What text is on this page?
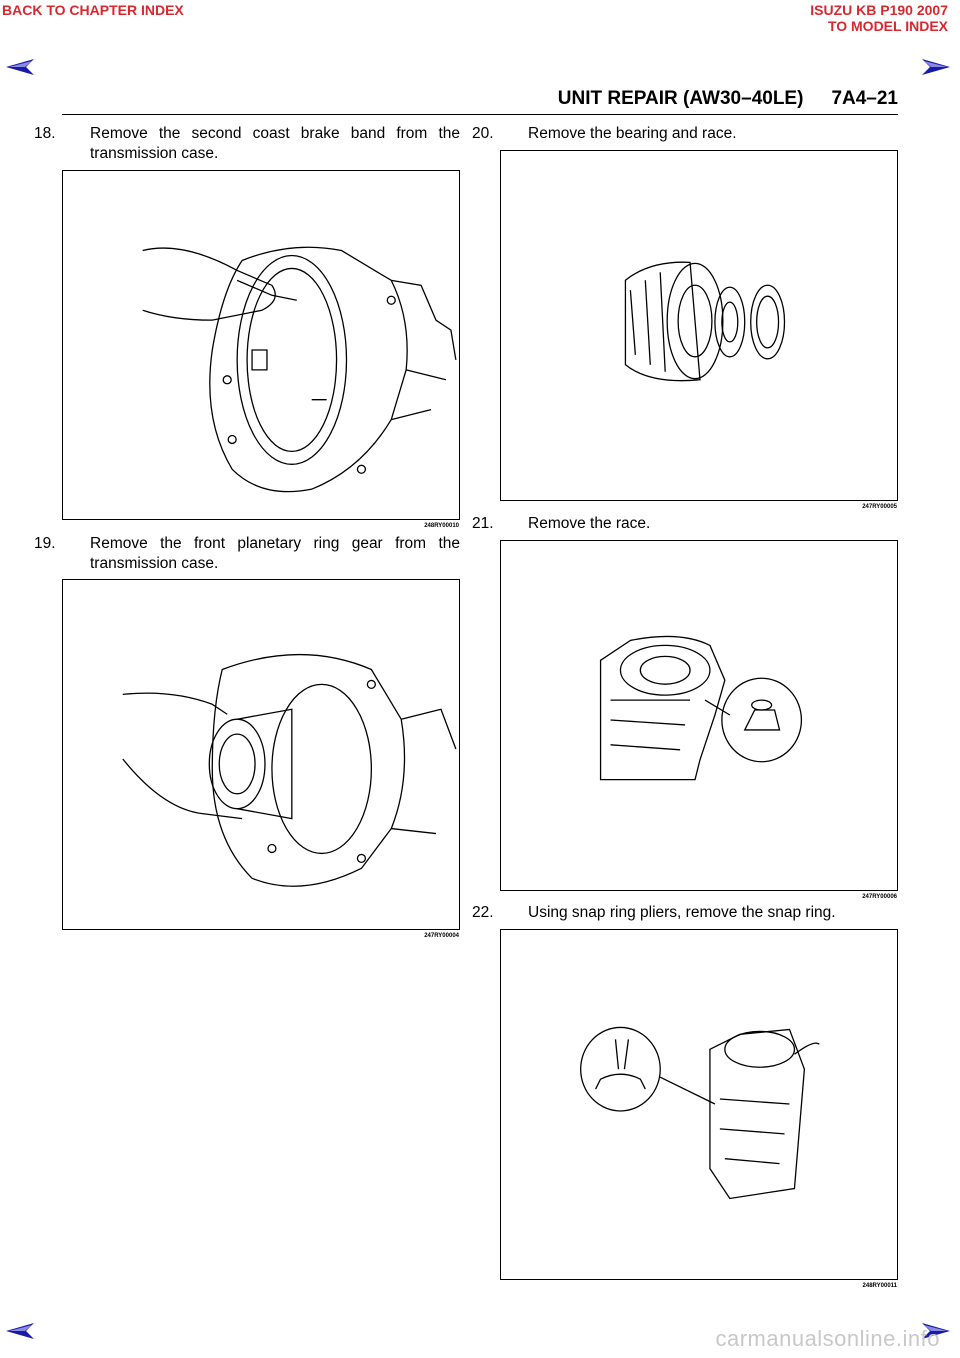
BACK TO CHAPTER INDEX	ISUZU KB P190 2007
TO MODEL INDEX
UNIT REPAIR (AW30–40LE) 7A4–21
18. Remove the second coast brake band from the transmission case.
248RY00010
19. Remove the front planetary ring gear from the transmission case.
247RY00004
20. Remove the bearing and race.
247RY00005
21. Remove the race.
247RY00006
22. Using snap ring pliers, remove the snap ring.
248RY00011
carmanualsonline.info
